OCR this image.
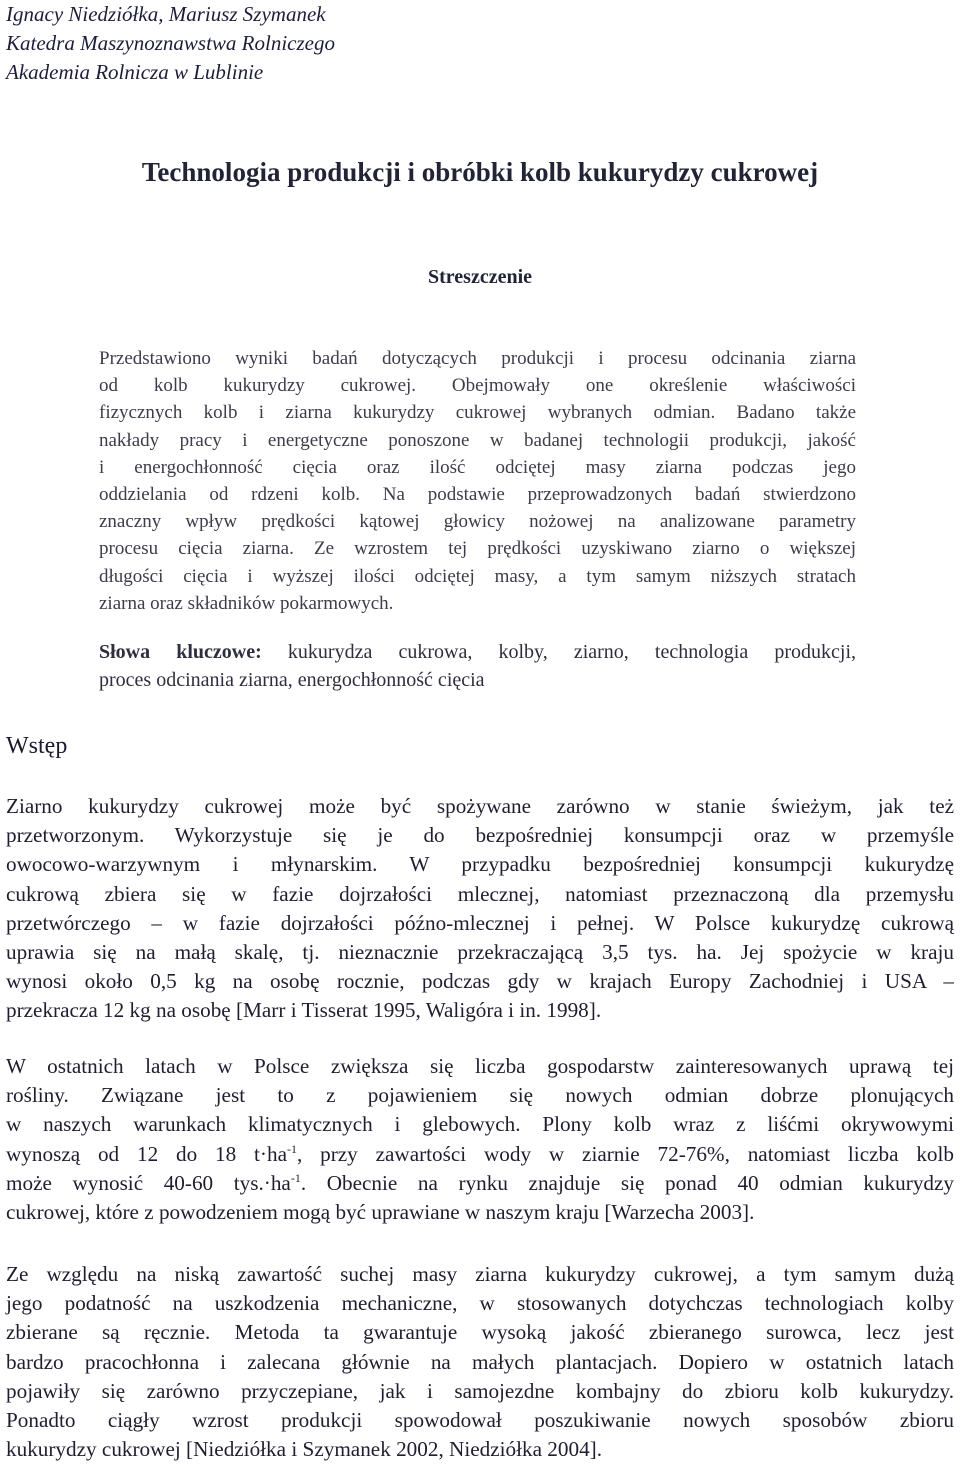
Ignacy Niedziółka, Mariusz Szymanek
Katedra Maszynoznawstwa Rolniczego
Akademia Rolnicza w Lublinie
Technologia produkcji i obróbki kolb kukurydzy cukrowej
Streszczenie
Przedstawiono wyniki badań dotyczących produkcji i procesu odcinania ziarna
od kolb kukurydzy cukrowej. Obejmowały one określenie właściwości
fizycznych kolb i ziarna kukurydzy cukrowej wybranych odmian. Badano także
nakłady pracy i energetyczne ponoszone w badanej technologii produkcji, jakość
i energochłonność cięcia oraz ilość odciętej masy ziarna podczas jego
oddzielania od rdzeni kolb. Na podstawie przeprowadzonych badań stwierdzono
znaczny wpływ prędkości kątowej głowicy nożowej na analizowane parametry
procesu cięcia ziarna. Ze wzrostem tej prędkości uzyskiwano ziarno o większej
długości cięcia i wyższej ilości odciętej masy, a tym samym niższych stratach
ziarna oraz składników pokarmowych.
Słowa kluczowe: kukurydza cukrowa, kolby, ziarno, technologia produkcji,
proces odcinania ziarna, energochłonność cięcia
Wstęp
Ziarno kukurydzy cukrowej może być spożywane zarówno w stanie świeżym, jak też
przetworzonym. Wykorzystuje się je do bezpośredniej konsumpcji oraz w przemyśle
owocowo-warzywnym i młynarskim. W przypadku bezpośredniej konsumpcji kukurydzę
cukrową zbiera się w fazie dojrzałości mlecznej, natomiast przeznaczoną dla przemysłu
przetwórczego – w fazie dojrzałości późno-mlecznej i pełnej. W Polsce kukurydzę cukrową
uprawia się na małą skalę, tj. nieznacznie przekraczającą 3,5 tys. ha. Jej spożycie w kraju
wynosi około 0,5 kg na osobę rocznie, podczas gdy w krajach Europy Zachodniej i USA –
przekracza 12 kg na osobę [Marr i Tisserat 1995, Waligóra i in. 1998].
W ostatnich latach w Polsce zwiększa się liczba gospodarstw zainteresowanych uprawą tej
rośliny. Związane jest to z pojawieniem się nowych odmian dobrze plonujących
w naszych warunkach klimatycznych i glebowych. Plony kolb wraz z liśćmi okrywowymi
wynoszą od 12 do 18 $t\cdot ha^{-1}$, przy zawartości wody w ziarnie 72-76%, natomiast liczba kolb
może wynosić 40-60 $tys.\cdot ha^{-1}$. Obecnie na rynku znajduje się ponad 40 odmian kukurydzy
cukrowej, które z powodzeniem mogą być uprawiane w naszym kraju [Warzecha 2003].
Ze względu na niską zawartość suchej masy ziarna kukurydzy cukrowej, a tym samym dużą
jego podatność na uszkodzenia mechaniczne, w stosowanych dotychczas technologiach kolby
zbierane są ręcznie. Metoda ta gwarantuje wysoką jakość zbieranego surowca, lecz jest
bardzo pracochłonna i zalecana głównie na małych plantacjach. Dopiero w ostatnich latach
pojawiły się zarówno przyczepiane, jak i samojezdne kombajny do zbioru kolb kukurydzy.
Ponadto ciągły wzrost produkcji spowodował poszukiwanie nowych sposobów zbioru
kukurydzy cukrowej [Niedziółka i Szymanek 2002, Niedziółka 2004].
